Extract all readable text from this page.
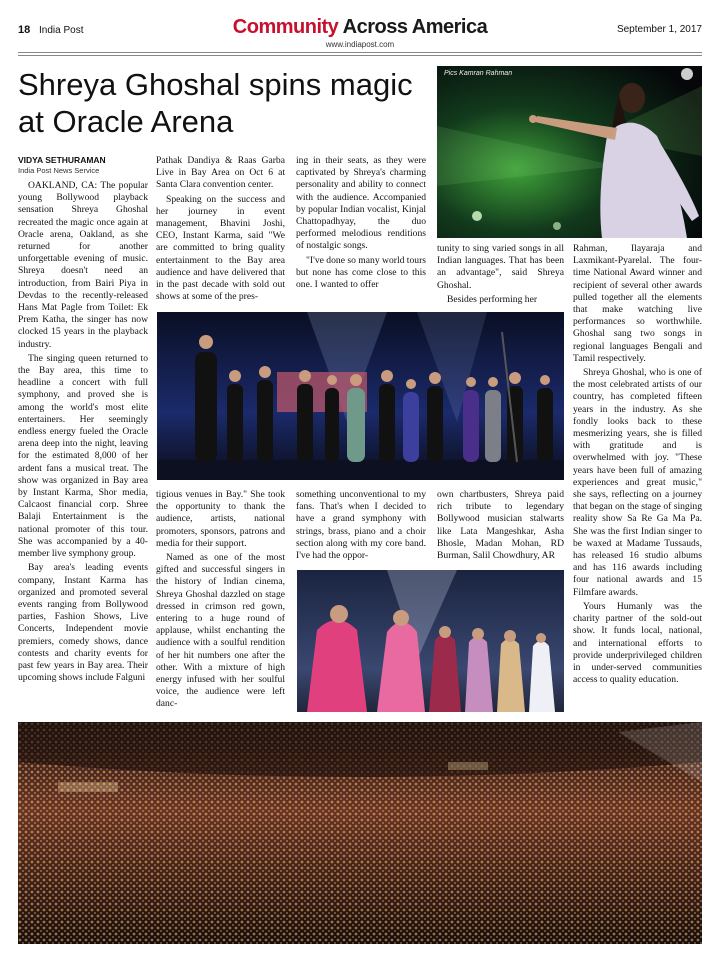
18 India Post	Community Across America
www.indiapost.com
September 1, 2017
Shreya Ghoshal spins magic at Oracle Arena
VIDYA SETHURAMAN
India Post News Service
Pics Kamran Rahman

OAKLAND, CA: The popular young Bollywood playback sensation Shreya Ghoshal recreated the magic once again at Oracle arena, Oakland, as she returned for another unforgettable evening of music. Shreya doesn't need an introduction, from Bairi Piya in Devdas to the recently-released Hans Mat Pagle from Toilet: Ek Prem Katha, the singer has now clocked 15 years in the playback industry.

The singing queen returned to the Bay area, this time to headline a concert with full symphony, and proved she is among the world's most elite entertainers. Her seemingly endless energy fueled the Oracle arena deep into the night, leaving for the estimated 8,000 of her ardent fans a musical treat. The show was organized in Bay area by Instant Karma, Shor media, Calcaost financial corp. Shree Balaji Entertainment is the national promoter of this tour. She was accompanied by a 40-member live symphony group.

Bay area's leading events company, Instant Karma has organized and promoted several events ranging from Bollywood parties, Fashion Shows, Live Concerts, Independent movie premiers, comedy shows, dance contests and charity events for past few years in Bay area. Their upcoming shows include Falguni

Pathak Dandiya & Raas Garba Live in Bay Area on Oct 6 at Santa Clara convention center.

Speaking on the success and her journey in event management, Bhavini Joshi, CEO, Instant Karma, said "We are committed to bring quality entertainment to the Bay area audience and have delivered that in the past decade with sold out shows at some of the pres-

ing in their seats, as they were captivated by Shreya's charming personality and ability to connect with the audience. Accompanied by popular Indian vocalist, Kinjal Chattopadhyay, the duo performed melodious renditions of nostalgic songs.

"I've done so many world tours but none has come close to this one. I wanted to offer

tunity to sing varied songs in all Indian languages. That has been an advantage", said Shreya Ghoshal.

Besides performing her

Rahman, Ilayaraja and Laxmikant-Pyarelal. The four-time National Award winner and recipient of several other awards pulled together all the elements that make watching live performances so worthwhile. Ghoshal sang two songs in regional languages Bengali and Tamil respectively.

Shreya Ghoshal, who is one of the most celebrated artists of our country, has completed fifteen years in the industry. As she fondly looks back to these mesmerizing years, she is filled with gratitude and is overwhelmed with joy. "These years have been full of amazing experiences and great music," she says, reflecting on a journey that began on the stage of singing reality show Sa Re Ga Ma Pa. She was the first Indian singer to be waxed at Madame Tussauds, has released 16 studio albums and has 116 awards including four national awards and 15 Filmfare awards.

Yours Humanly was the charity partner of the sold-out show. It funds local, national, and international efforts to provide underprivileged children in under-served communities access to quality education.

tigious venues in Bay." She took the opportunity to thank the audience, artists, national promoters, sponsors, patrons and media for their support.

Named as one of the most gifted and successful singers in the history of Indian cinema, Shreya Ghoshal dazzled on stage dressed in crimson red gown, entering to a huge round of applause, whilst enchanting the audience with a soulful rendition of her hit numbers one after the other. With a mixture of high energy infused with her soulful voice, the audience were left danc-

something unconventional to my fans. That's when I decided to have a grand symphony with strings, brass, piano and a choir section along with my core band. I've had the oppor-

own chartbusters, Shreya paid rich tribute to legendary Bollywood musician stalwarts like Lata Mangeshkar, Asha Bhosle, Madan Mohan, RD Burman, Salil Chowdhury, AR
